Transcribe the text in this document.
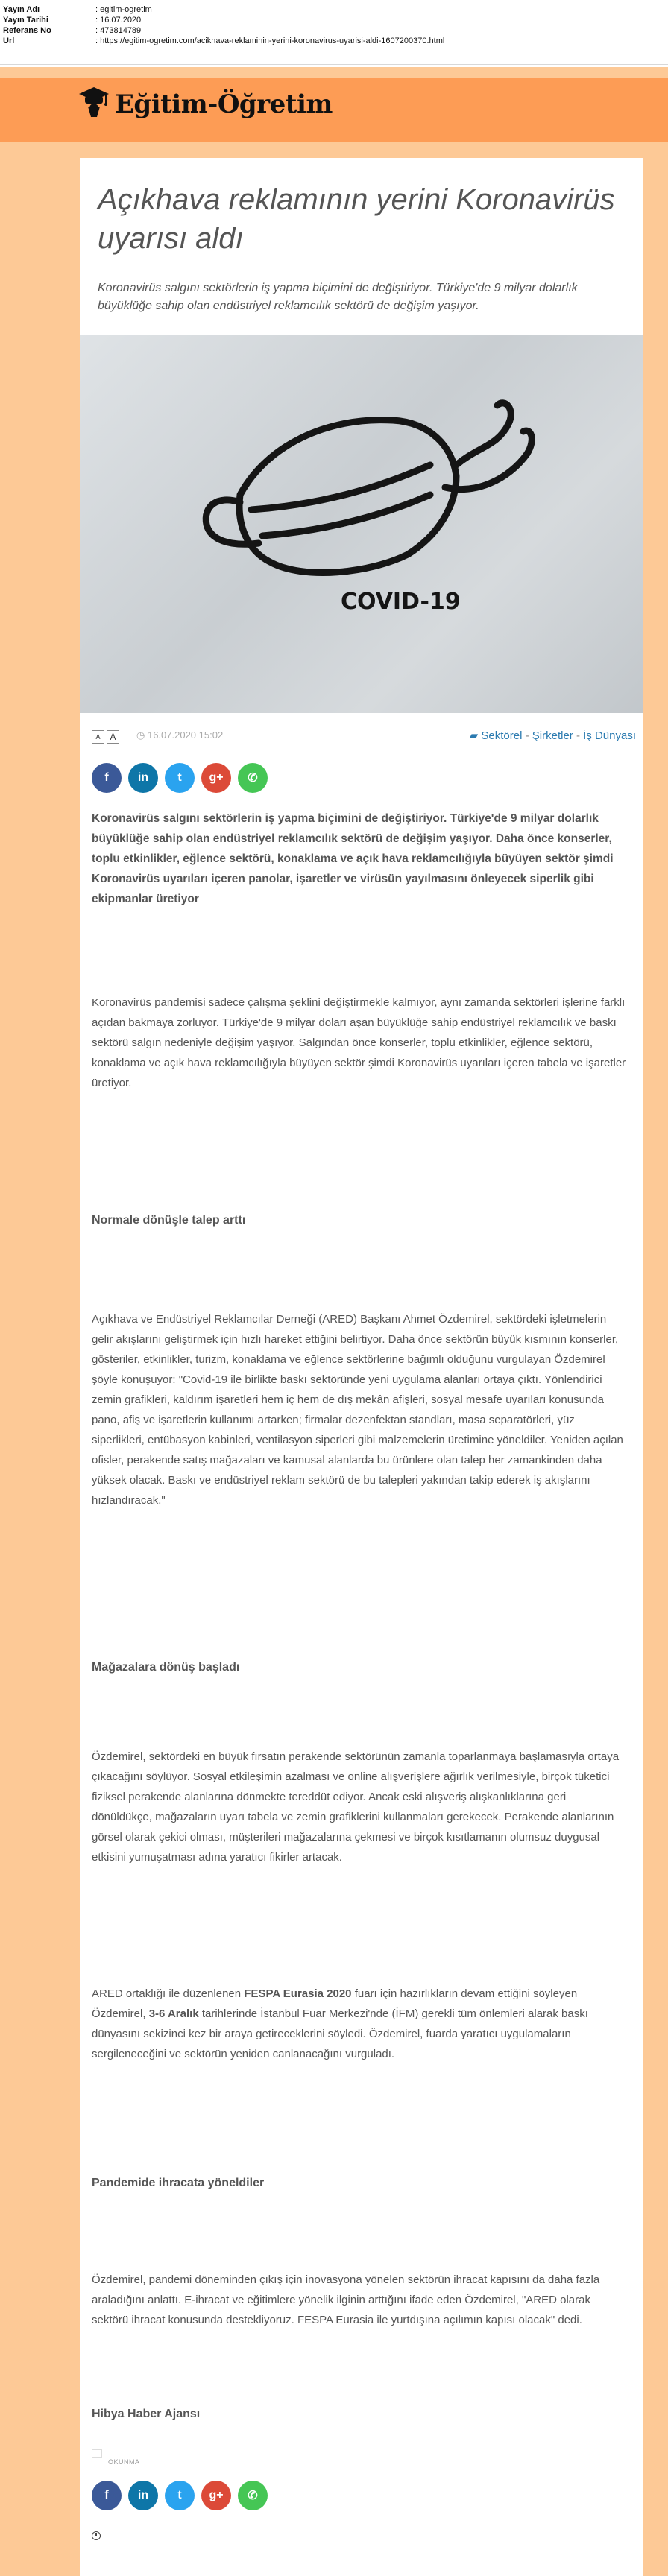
Yayın Adı	: egitim-ogretim
Yayın Tarihi	: 16.07.2020
Referans No	: 473814789
Url	: https://egitim-ogretim.com/acikhava-reklaminin-yerini-koronavirus-uyarisi-aldi-1607200370.html
Eğitim-Öğretim
Açıkhava reklamının yerini Koronavirüs uyarısı aldı

Koronavirüs salgını sektörlerin iş yapma biçimini de değiştiriyor. Türkiye'de 9 milyar dolarlık büyüklüğe sahip olan endüstriyel reklamcılık sektörü de değişim yaşıyor.

COVID-19
A	A	◷ 16.07.2020 15:02	▰ Sektörel - Şirketler - İş Dünyası
f	in	t	g+	✆

Koronavirüs salgını sektörlerin iş yapma biçimini de değiştiriyor. Türkiye'de 9 milyar dolarlık büyüklüğe sahip olan endüstriyel reklamcılık sektörü de değişim yaşıyor. Daha önce konserler, toplu etkinlikler, eğlence sektörü, konaklama ve açık hava reklamcılığıyla büyüyen sektör şimdi Koronavirüs uyarıları içeren panolar, işaretler ve virüsün yayılmasını önleyecek siperlik gibi ekipmanlar üretiyor

Koronavirüs pandemisi sadece çalışma şeklini değiştirmekle kalmıyor, aynı zamanda sektörleri işlerine farklı açıdan bakmaya zorluyor. Türkiye'de 9 milyar doları aşan büyüklüğe sahip endüstriyel reklamcılık ve baskı sektörü salgın nedeniyle değişim yaşıyor. Salgından önce konserler, toplu etkinlikler, eğlence sektörü, konaklama ve açık hava reklamcılığıyla büyüyen sektör şimdi Koronavirüs uyarıları içeren tabela ve işaretler üretiyor.

Normale dönüşle talep arttı

Açıkhava ve Endüstriyel Reklamcılar Derneği (ARED) Başkanı Ahmet Özdemirel, sektördeki işletmelerin gelir akışlarını geliştirmek için hızlı hareket ettiğini belirtiyor. Daha önce sektörün büyük kısmının konserler, gösteriler, etkinlikler, turizm, konaklama ve eğlence sektörlerine bağımlı olduğunu vurgulayan Özdemirel şöyle konuşuyor: "Covid-19 ile birlikte baskı sektöründe yeni uygulama alanları ortaya çıktı. Yönlendirici zemin grafikleri, kaldırım işaretleri hem iç hem de dış mekân afişleri, sosyal mesafe uyarıları konusunda pano, afiş ve işaretlerin kullanımı artarken; firmalar dezenfektan standları, masa separatörleri, yüz siperlikleri, entübasyon kabinleri, ventilasyon siperleri gibi malzemelerin üretimine yöneldiler. Yeniden açılan ofisler, perakende satış mağazaları ve kamusal alanlarda bu ürünlere olan talep her zamankinden daha yüksek olacak. Baskı ve endüstriyel reklam sektörü de bu talepleri yakından takip ederek iş akışlarını hızlandıracak."

Mağazalara dönüş başladı

Özdemirel, sektördeki en büyük fırsatın perakende sektörünün zamanla toparlanmaya başlamasıyla ortaya çıkacağını söylüyor. Sosyal etkileşimin azalması ve online alışverişlere ağırlık verilmesiyle, birçok tüketici fiziksel perakende alanlarına dönmekte tereddüt ediyor. Ancak eski alışveriş alışkanlıklarına geri dönüldükçe, mağazaların uyarı tabela ve zemin grafiklerini kullanmaları gerekecek. Perakende alanlarının görsel olarak çekici olması, müşterileri mağazalarına çekmesi ve birçok kısıtlamanın olumsuz duygusal etkisini yumuşatması adına yaratıcı fikirler artacak.

ARED ortaklığı ile düzenlenen FESPA Eurasia 2020 fuarı için hazırlıkların devam ettiğini söyleyen Özdemirel, 3-6 Aralık tarihlerinde İstanbul Fuar Merkezi'nde (İFM) gerekli tüm önlemleri alarak baskı dünyasını sekizinci kez bir araya getireceklerini söyledi. Özdemirel, fuarda yaratıcı uygulamaların sergileneceğini ve sektörün yeniden canlanacağını vurguladı.

Pandemide ihracata yöneldiler

Özdemirel, pandemi döneminden çıkış için inovasyona yönelen sektörün ihracat kapısını da daha fazla araladığını anlattı. E-ihracat ve eğitimlere yönelik ilginin arttığını ifade eden Özdemirel, "ARED olarak sektörü ihracat konusunda destekliyoruz. FESPA Eurasia ile yurtdışına açılımın kapısı olacak" dedi.

Hibya Haber Ajansı
OKUNMA
f	in	t	g+	✆
